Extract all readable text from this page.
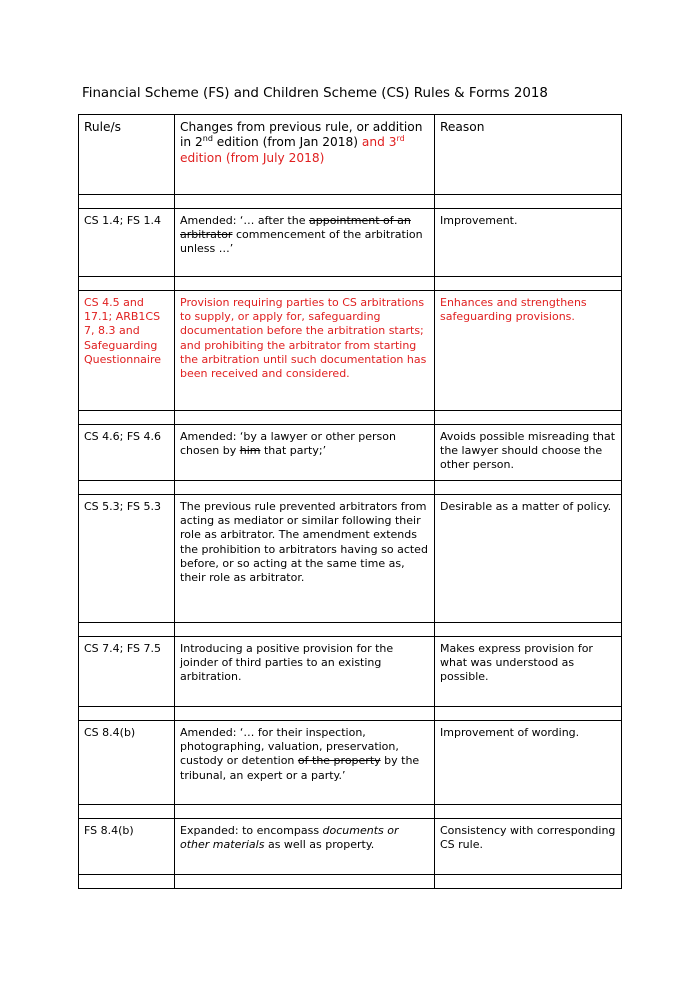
Financial Scheme (FS) and Children Scheme (CS) Rules & Forms 2018
Rule/s	Changes from previous rule, or addition in 2nd edition (from Jan 2018) and 3rd edition (from July 2018)	Reason

CS 1.4; FS 1.4	Amended: ‘… after the appointment of an arbitrator commencement of the arbitration unless …’	Improvement.

CS 4.5 and 17.1; ARB1CS 7, 8.3 and Safeguarding Questionnaire	Provision requiring parties to CS arbitrations to supply, or apply for, safeguarding documentation before the arbitration starts; and prohibiting the arbitrator from starting the arbitration until such documentation has been received and considered.	Enhances and strengthens safeguarding provisions.

CS 4.6; FS 4.6	Amended: ‘by a lawyer or other person chosen by him that party;’	Avoids possible misreading that the lawyer should choose the other person.

CS 5.3; FS 5.3	The previous rule prevented arbitrators from acting as mediator or similar following their role as arbitrator. The amendment extends the prohibition to arbitrators having so acted before, or so acting at the same time as, their role as arbitrator.	Desirable as a matter of policy.

CS 7.4; FS 7.5	Introducing a positive provision for the joinder of third parties to an existing arbitration.	Makes express provision for what was understood as possible.

CS 8.4(b)	Amended: ‘… for their inspection, photographing, valuation, preservation, custody or detention of the property by the tribunal, an expert or a party.’	Improvement of wording.

FS 8.4(b)	Expanded: to encompass documents or other materials as well as property.	Consistency with corresponding CS rule.
